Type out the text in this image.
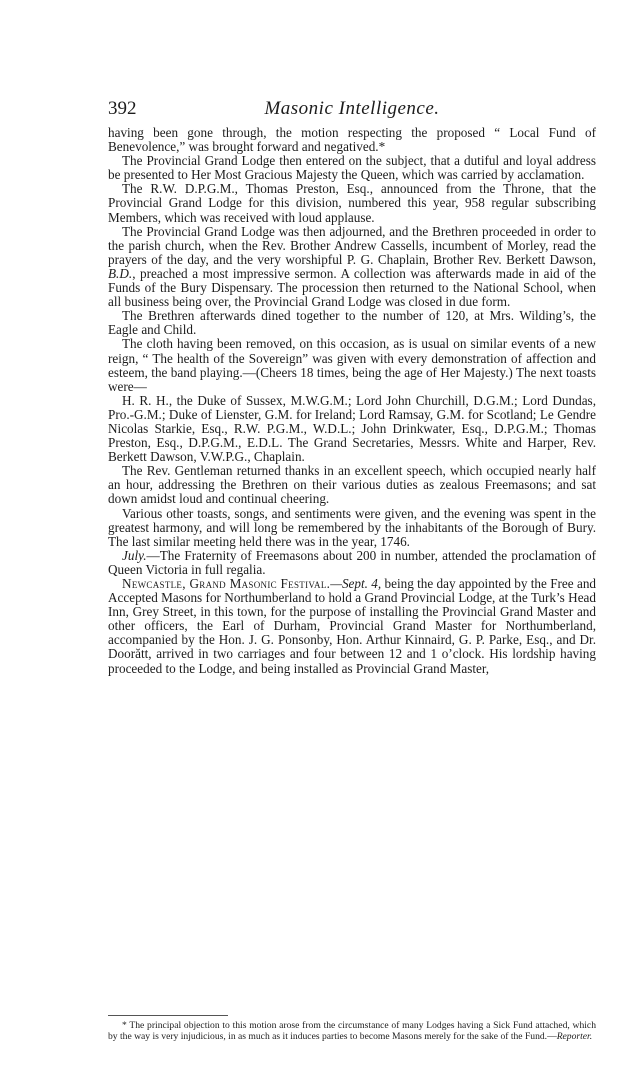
392	Masonic Intelligence.

having been gone through, the motion respecting the proposed “ Local Fund of Benevolence,” was brought forward and negatived.*

The Provincial Grand Lodge then entered on the subject, that a dutiful and loyal address be presented to Her Most Gracious Majesty the Queen, which was carried by acclamation.

The R.W. D.P.G.M., Thomas Preston, Esq., announced from the Throne, that the Provincial Grand Lodge for this division, numbered this year, 958 regular subscribing Members, which was received with loud applause.

The Provincial Grand Lodge was then adjourned, and the Brethren proceeded in order to the parish church, when the Rev. Brother Andrew Cassells, incumbent of Morley, read the prayers of the day, and the very worshipful P. G. Chaplain, Brother Rev. Berkett Dawson, B.D., preached a most impressive sermon. A collection was afterwards made in aid of the Funds of the Bury Dispensary. The procession then returned to the National School, when all business being over, the Provincial Grand Lodge was closed in due form.

The Brethren afterwards dined together to the number of 120, at Mrs. Wilding’s, the Eagle and Child.

The cloth having been removed, on this occasion, as is usual on similar events of a new reign, “ The health of the Sovereign” was given with every demonstration of affection and esteem, the band playing.—(Cheers 18 times, being the age of Her Majesty.) The next toasts were—

H. R. H., the Duke of Sussex, M.W.G.M.; Lord John Churchill, D.G.M.; Lord Dundas, Pro.-G.M.; Duke of Lienster, G.M. for Ireland; Lord Ramsay, G.M. for Scotland; Le Gendre Nicolas Starkie, Esq., R.W. P.G.M., W.D.L.; John Drinkwater, Esq., D.P.G.M.; Thomas Preston, Esq., D.P.G.M., E.D.L. The Grand Secretaries, Messrs. White and Harper, Rev. Berkett Dawson, V.W.P.G., Chaplain.

The Rev. Gentleman returned thanks in an excellent speech, which occupied nearly half an hour, addressing the Brethren on their various duties as zealous Freemasons; and sat down amidst loud and continual cheering.

Various other toasts, songs, and sentiments were given, and the evening was spent in the greatest harmony, and will long be remembered by the inhabitants of the Borough of Bury. The last similar meeting held there was in the year, 1746.

July.—The Fraternity of Freemasons about 200 in number, attended the proclamation of Queen Victoria in full regalia.

Newcastle, Grand Masonic Festival.—Sept. 4, being the day appointed by the Free and Accepted Masons for Northumberland to hold a Grand Provincial Lodge, at the Turk’s Head Inn, Grey Street, in this town, for the purpose of installing the Provincial Grand Master and other officers, the Earl of Durham, Provincial Grand Master for Northumberland, accompanied by the Hon. J. G. Ponsonby, Hon. Arthur Kinnaird, G. P. Parke, Esq., and Dr. Doorătt, arrived in two carriages and four between 12 and 1 o’clock. His lordship having proceeded to the Lodge, and being installed as Provincial Grand Master,

* The principal objection to this motion arose from the circumstance of many Lodges having a Sick Fund attached, which by the way is very injudicious, in as much as it induces parties to become Masons merely for the sake of the Fund.—Reporter.
